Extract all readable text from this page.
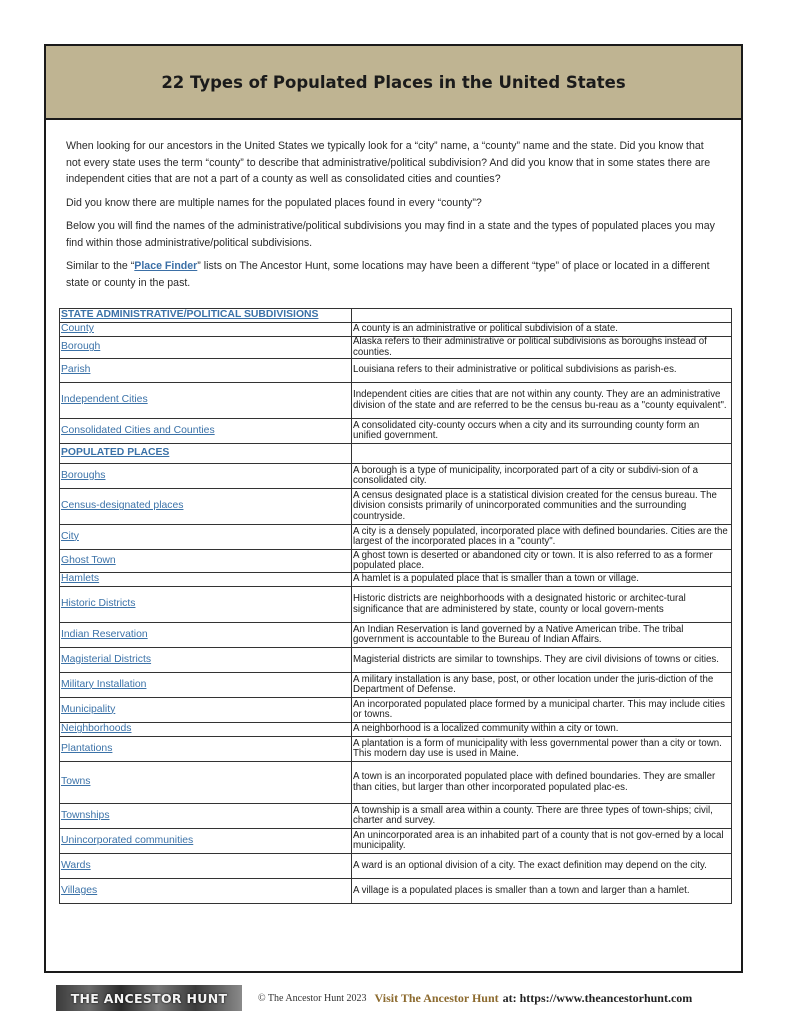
22 Types of Populated Places in the United States

When looking for our ancestors in the United States we typically look for a “city” name, a “county” name and the state. Did you know that not every state uses the term “county” to describe that administrative/political subdivision? And did you know that in some states there are independent cities that are not a part of a county as well as consolidated cities and counties?

Did you know there are multiple names for the populated places found in every “county”?

Below you will find the names of the administrative/political subdivisions you may find in a state and the types of populated places you may find within those administrative/political subdivisions.

Similar to the “Place Finder” lists on The Ancestor Hunt, some locations may have been a different “type” of place or located in a different state or county in the past.

STATE ADMINISTRATIVE/POLITICAL SUBDIVISIONS	
County	A county is an administrative or political subdivision of a state.
Borough	Alaska refers to their administrative or political subdivisions as boroughs instead of counties.
Parish	Louisiana refers to their administrative or political subdivisions as parish-es.
Independent Cities	Independent cities are cities that are not within any county. They are an administrative division of the state and are referred to be the census bu-reau as a "county equivalent".
Consolidated Cities and Counties	A consolidated city-county occurs when a city and its surrounding county form an unified government.
POPULATED PLACES	
Boroughs	A borough is a type of municipality, incorporated part of a city or subdivi-sion of a consolidated city.
Census-designated places	A census designated place is a statistical division created for the census bureau. The division consists primarily of unincorporated communities and the surrounding countryside.
City	A city is a densely populated, incorporated place with defined boundaries. Cities are the largest of the incorporated places in a "county".
Ghost Town	A ghost town is deserted or abandoned city or town. It is also referred to as a former populated place.
Hamlets	A hamlet is a populated place that is smaller than a town or village.
Historic Districts	Historic districts are neighborhoods with a designated historic or architec-tural significance that are administered by state, county or local govern-ments
Indian Reservation	An Indian Reservation is land governed by a Native American tribe. The tribal government is accountable to the Bureau of Indian Affairs.
Magisterial Districts	Magisterial districts are similar to townships. They are civil divisions of towns or cities.
Military Installation	A military installation is any base, post, or other location under the juris-diction of the Department of Defense.
Municipality	An incorporated populated place formed by a municipal charter. This may include cities or towns.
Neighborhoods	A neighborhood is a localized community within a city or town.
Plantations	A plantation is a form of municipality with less governmental power than a city or town. This modern day use is used in Maine.
Towns	A town is an incorporated populated place with defined boundaries. They are smaller than cities, but larger than other incorporated populated plac-es.
Townships	A township is a small area within a county. There are three types of town-ships; civil, charter and survey.
Unincorporated communities	An unincorporated area is an inhabited part of a county that is not gov-erned by a local municipality.
Wards	A ward is an optional division of a city. The exact definition may depend on the city.
Villages	A village is a populated places is smaller than a town and larger than a hamlet.
THE ANCESTOR HUNT	© The Ancestor Hunt 2023 Visit The Ancestor Hunt at: https://www.theancestorhunt.com
